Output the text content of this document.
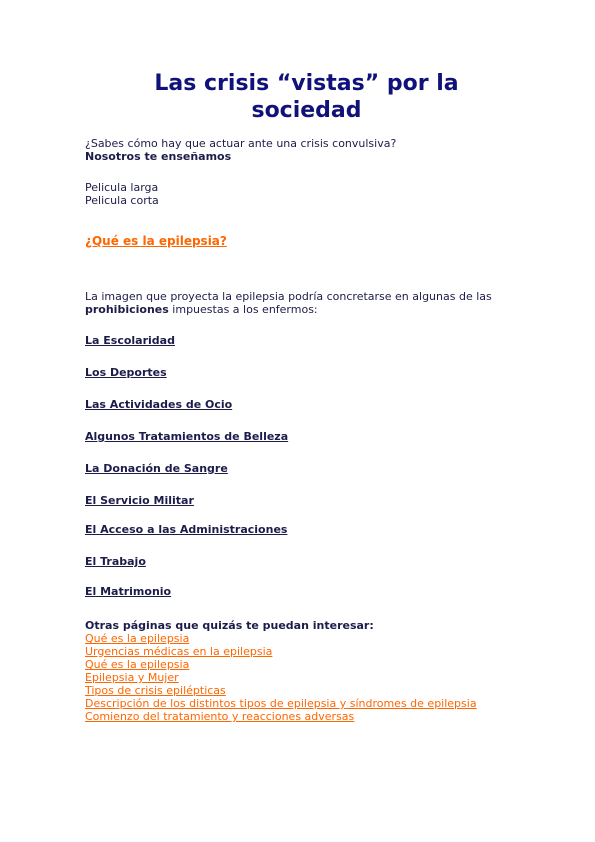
Las crisis “vistas” por la sociedad
¿Sabes cómo hay que actuar ante una crisis convulsiva?
Nosotros te enseñamos
Pelicula larga
Pelicula corta
¿Qué es la epilepsia?
La imagen que proyecta la epilepsia podría concretarse en algunas de las prohibiciones impuestas a los enfermos:
La Escolaridad
Los Deportes
Las Actividades de Ocio
Algunos Tratamientos de Belleza
La Donación de Sangre
El Servicio Militar
El Acceso a las Administraciones
El Trabajo
El Matrimonio
Otras páginas que quizás te puedan interesar:
Qué es la epilepsia
Urgencias médicas en la epilepsia
Qué es la epilepsia
Epilepsia y Mujer
Tipos de crisis epilépticas
Descripción de los distintos tipos de epilepsia y síndromes de epilepsia
Comienzo del tratamiento y reacciones adversas
